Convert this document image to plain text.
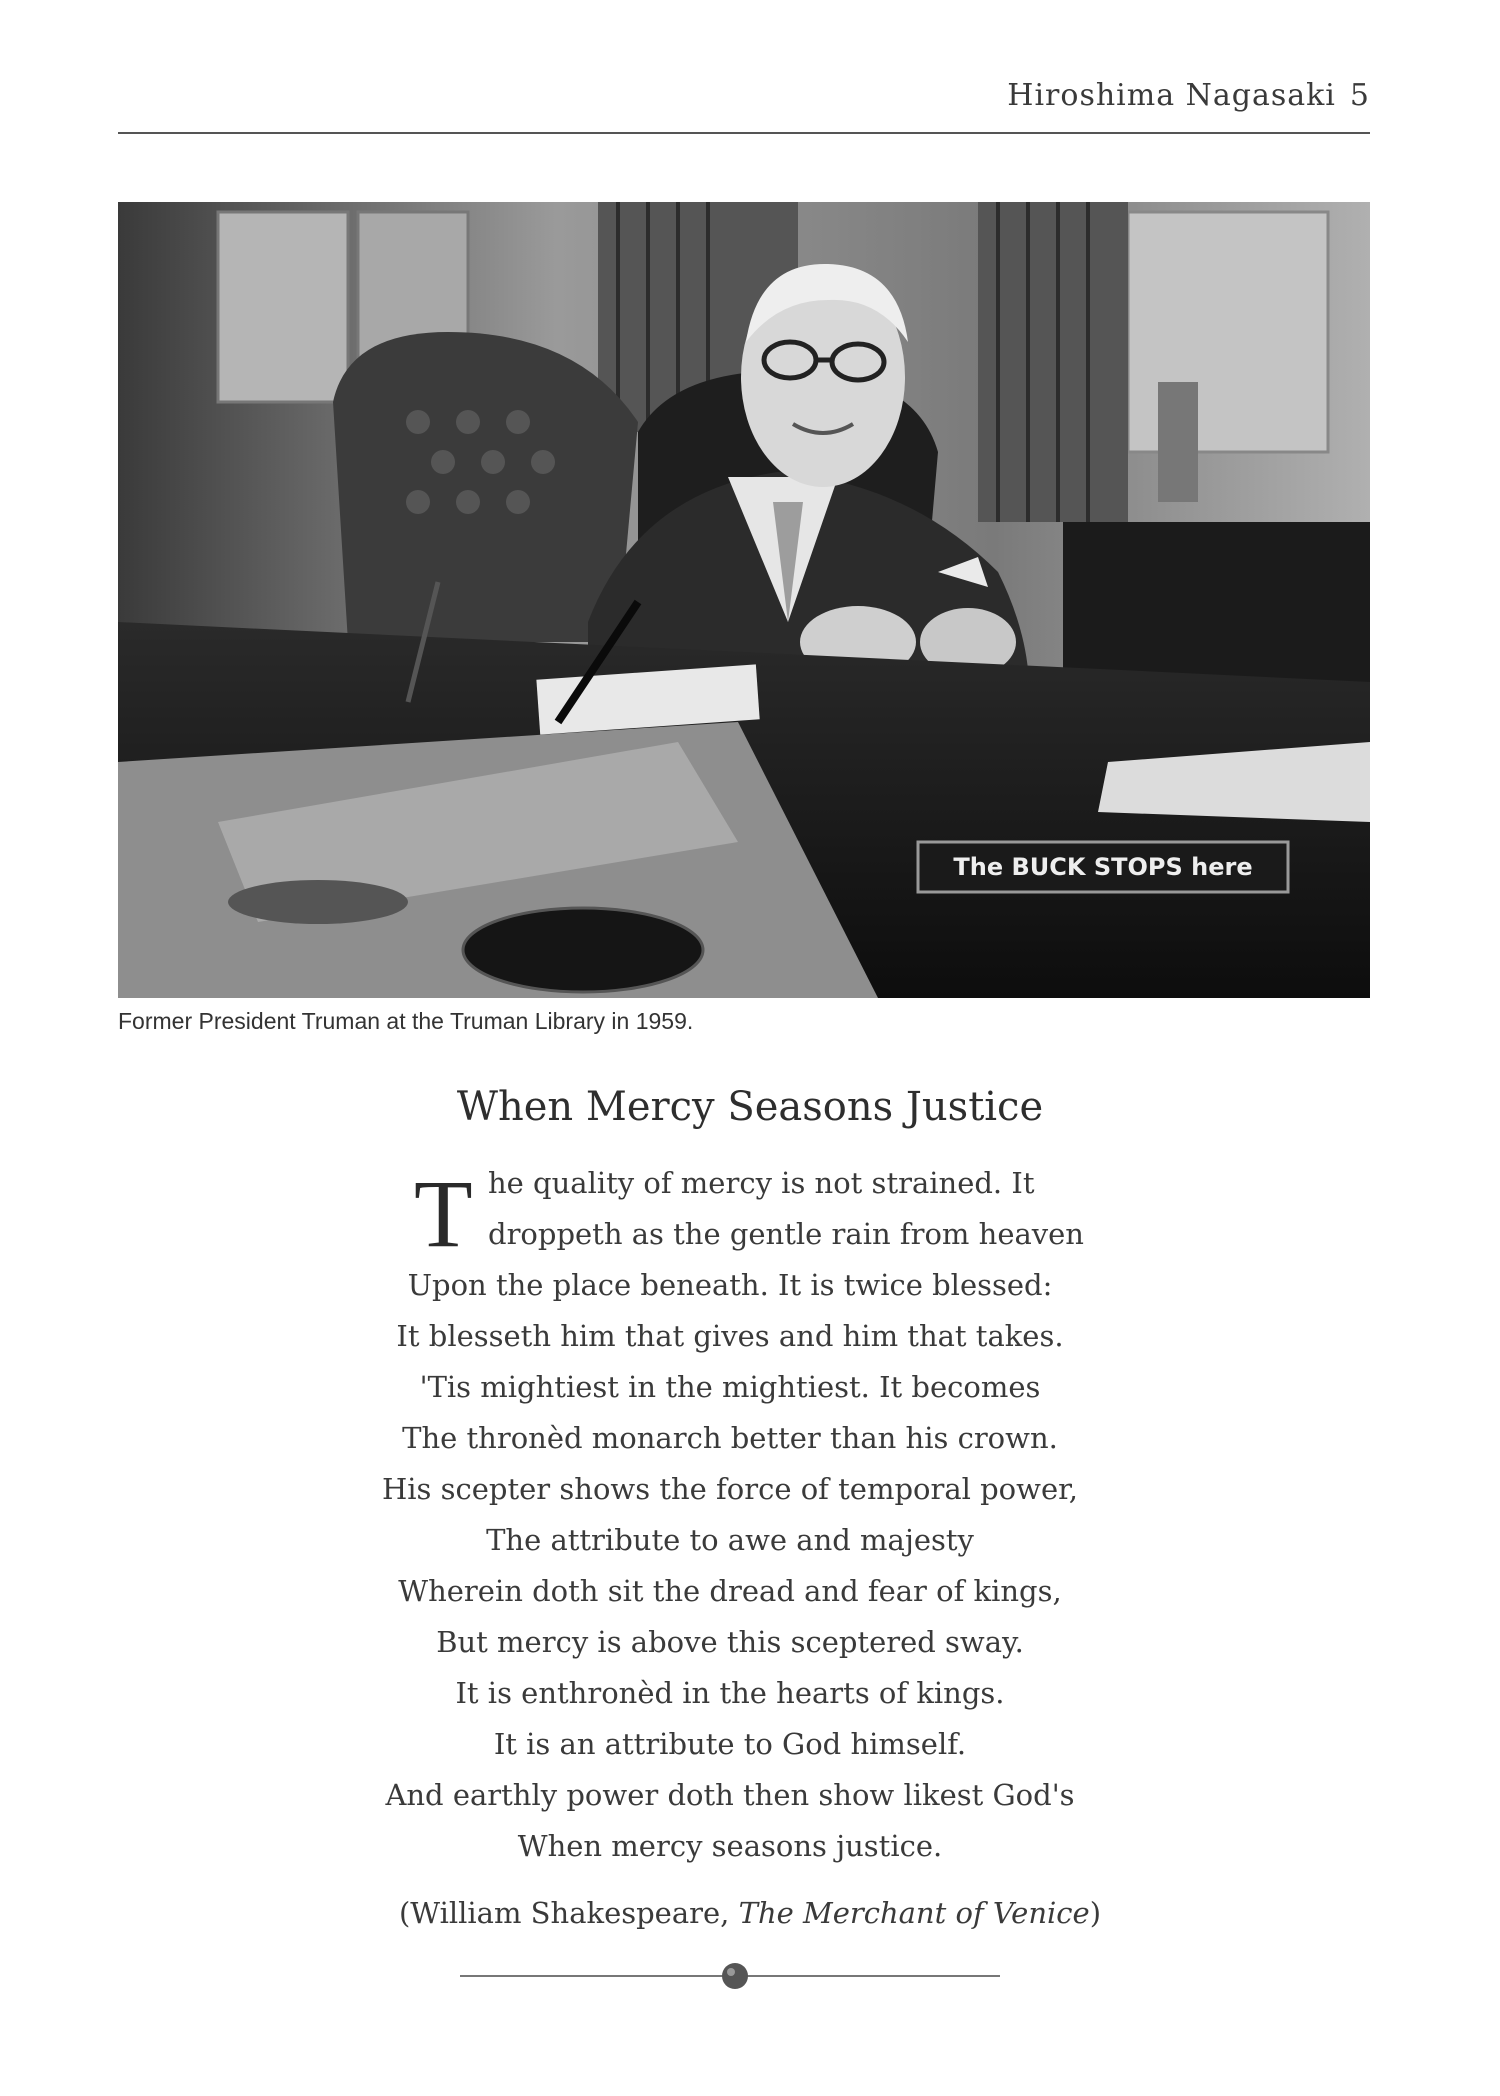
Hiroshima Nagasaki 5
The BUCK STOPS here
Former President Truman at the Truman Library in 1959.
When Mercy Seasons Justice
T he quality of mercy is not strained. It
droppeth as the gentle rain from heaven
Upon the place beneath. It is twice blessed:
It blesseth him that gives and him that takes.
'Tis mightiest in the mightiest. It becomes
The thronèd monarch better than his crown.
His scepter shows the force of temporal power,
The attribute to awe and majesty
Wherein doth sit the dread and fear of kings,
But mercy is above this sceptered sway.
It is enthronèd in the hearts of kings.
It is an attribute to God himself.
And earthly power doth then show likest God's
When mercy seasons justice.
(William Shakespeare, The Merchant of Venice)
